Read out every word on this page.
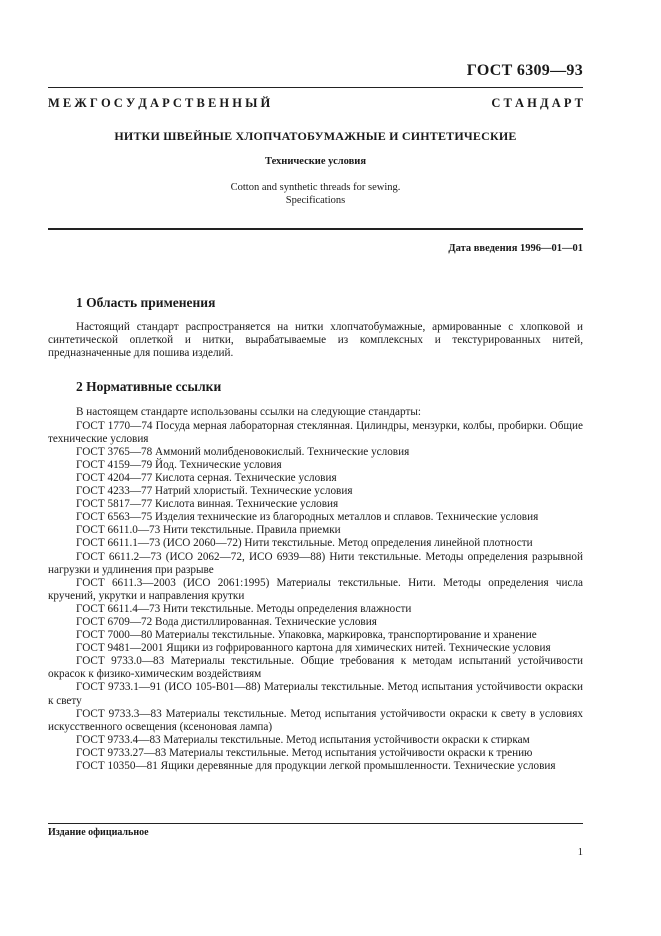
ГОСТ 6309—93
М Е Ж Г О С У Д А Р С Т В Е Н Н Ы Й	С Т А Н Д А Р Т
НИТКИ ШВЕЙНЫЕ ХЛОПЧАТОБУМАЖНЫЕ И СИНТЕТИЧЕСКИЕ
Технические условия
Cotton and synthetic threads for sewing.
Specifications
Дата введения 1996—01—01
1 Область применения

Настоящий стандарт распространяется на нитки хлопчатобумажные, армированные с хлопковой и синтетической оплеткой и нитки, вырабатываемые из комплексных и текстурированных нитей, предназначенные для пошива изделий.

2 Нормативные ссылки

В настоящем стандарте использованы ссылки на следующие стандарты:

ГОСТ 1770—74 Посуда мерная лабораторная стеклянная. Цилиндры, мензурки, колбы, пробирки. Общие технические условия

ГОСТ 3765—78 Аммоний молибденовокислый. Технические условия

ГОСТ 4159—79 Йод. Технические условия

ГОСТ 4204—77 Кислота серная. Технические условия

ГОСТ 4233—77 Натрий хлористый. Технические условия

ГОСТ 5817—77 Кислота винная. Технические условия

ГОСТ 6563—75 Изделия технические из благородных металлов и сплавов. Технические условия

ГОСТ 6611.0—73 Нити текстильные. Правила приемки

ГОСТ 6611.1—73 (ИСО 2060—72) Нити текстильные. Метод определения линейной плотности

ГОСТ 6611.2—73 (ИСО 2062—72, ИСО 6939—88) Нити текстильные. Методы определения разрывной нагрузки и удлинения при разрыве

ГОСТ 6611.3—2003 (ИСО 2061:1995) Материалы текстильные. Нити. Методы определения числа кручений, укрутки и направления крутки

ГОСТ 6611.4—73 Нити текстильные. Методы определения влажности

ГОСТ 6709—72 Вода дистиллированная. Технические условия

ГОСТ 7000—80 Материалы текстильные. Упаковка, маркировка, транспортирование и хранение

ГОСТ 9481—2001 Ящики из гофрированного картона для химических нитей. Технические условия

ГОСТ 9733.0—83 Материалы текстильные. Общие требования к методам испытаний устойчивости окрасок к физико-химическим воздействиям

ГОСТ 9733.1—91 (ИСО 105-В01—88) Материалы текстильные. Метод испытания устойчивости окраски к свету

ГОСТ 9733.3—83 Материалы текстильные. Метод испытания устойчивости окраски к свету в условиях искусственного освещения (ксеноновая лампа)

ГОСТ 9733.4—83 Материалы текстильные. Метод испытания устойчивости окраски к стиркам

ГОСТ 9733.27—83 Материалы текстильные. Метод испытания устойчивости окраски к трению

ГОСТ 10350—81 Ящики деревянные для продукции легкой промышленности. Технические условия

Издание официальное
1
